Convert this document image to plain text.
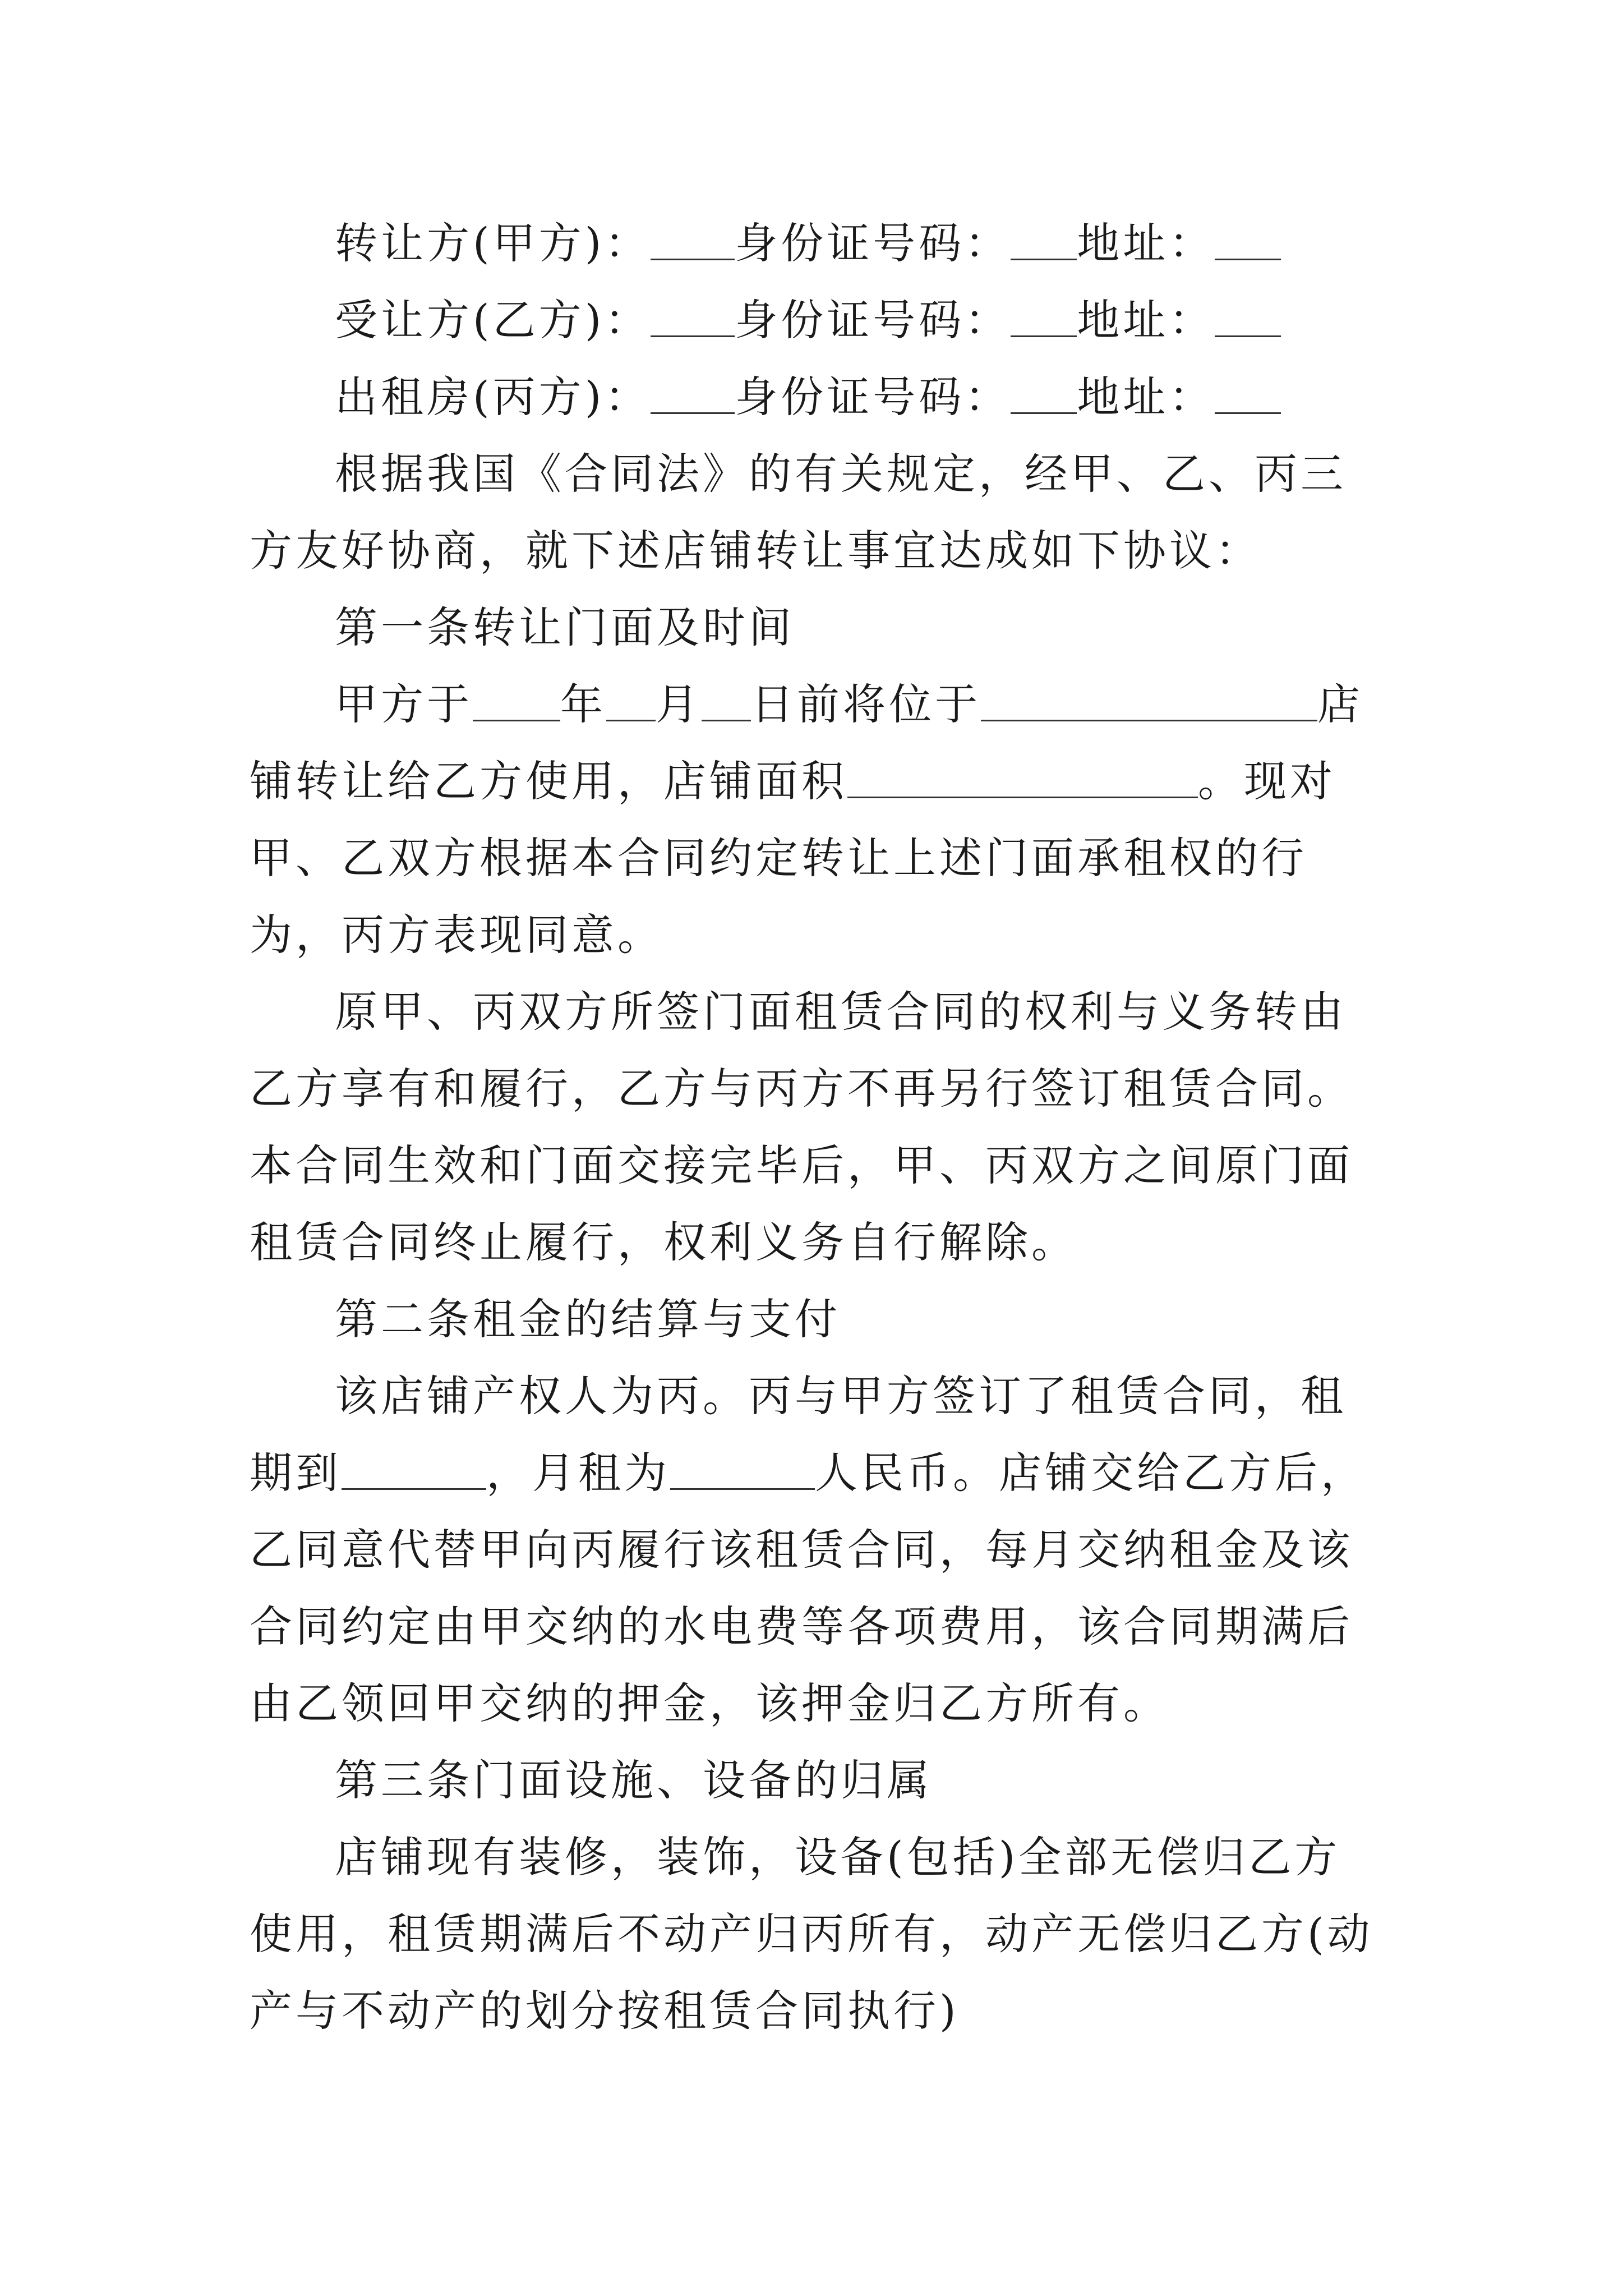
转让方(甲方)： 身份证号码： 地址：

受让方(乙方)： 身份证号码： 地址：

出租房(丙方)： 身份证号码： 地址：

根据我国《合同法》的有关规定，经甲、乙、丙三方友好协商，就下述店铺转让事宜达成如下协议：

第一条转让门面及时间

甲方于 年 月 日前将位于	店铺转让给乙方使用，店铺面积	。现对甲、乙双方根据本合同约定转让上述门面承租权的行为，丙方表现同意。

原甲、丙双方所签门面租赁合同的权利与义务转由乙方享有和履行，乙方与丙方不再另行签订租赁合同。本合同生效和门面交接完毕后，甲、丙双方之间原门面租赁合同终止履行，权利义务自行解除。

第二条租金的结算与支付

该店铺产权人为丙。丙与甲方签订了租赁合同，租期到	，月租为	人民币。店铺交给乙方后，乙同意代替甲向丙履行该租赁合同，每月交纳租金及该合同约定由甲交纳的水电费等各项费用，该合同期满后由乙领回甲交纳的押金，该押金归乙方所有。

第三条门面设施、设备的归属

店铺现有装修，装饰，设备(包括)全部无偿归乙方使用，租赁期满后不动产归丙所有，动产无偿归乙方(动产与不动产的划分按租赁合同执行)
